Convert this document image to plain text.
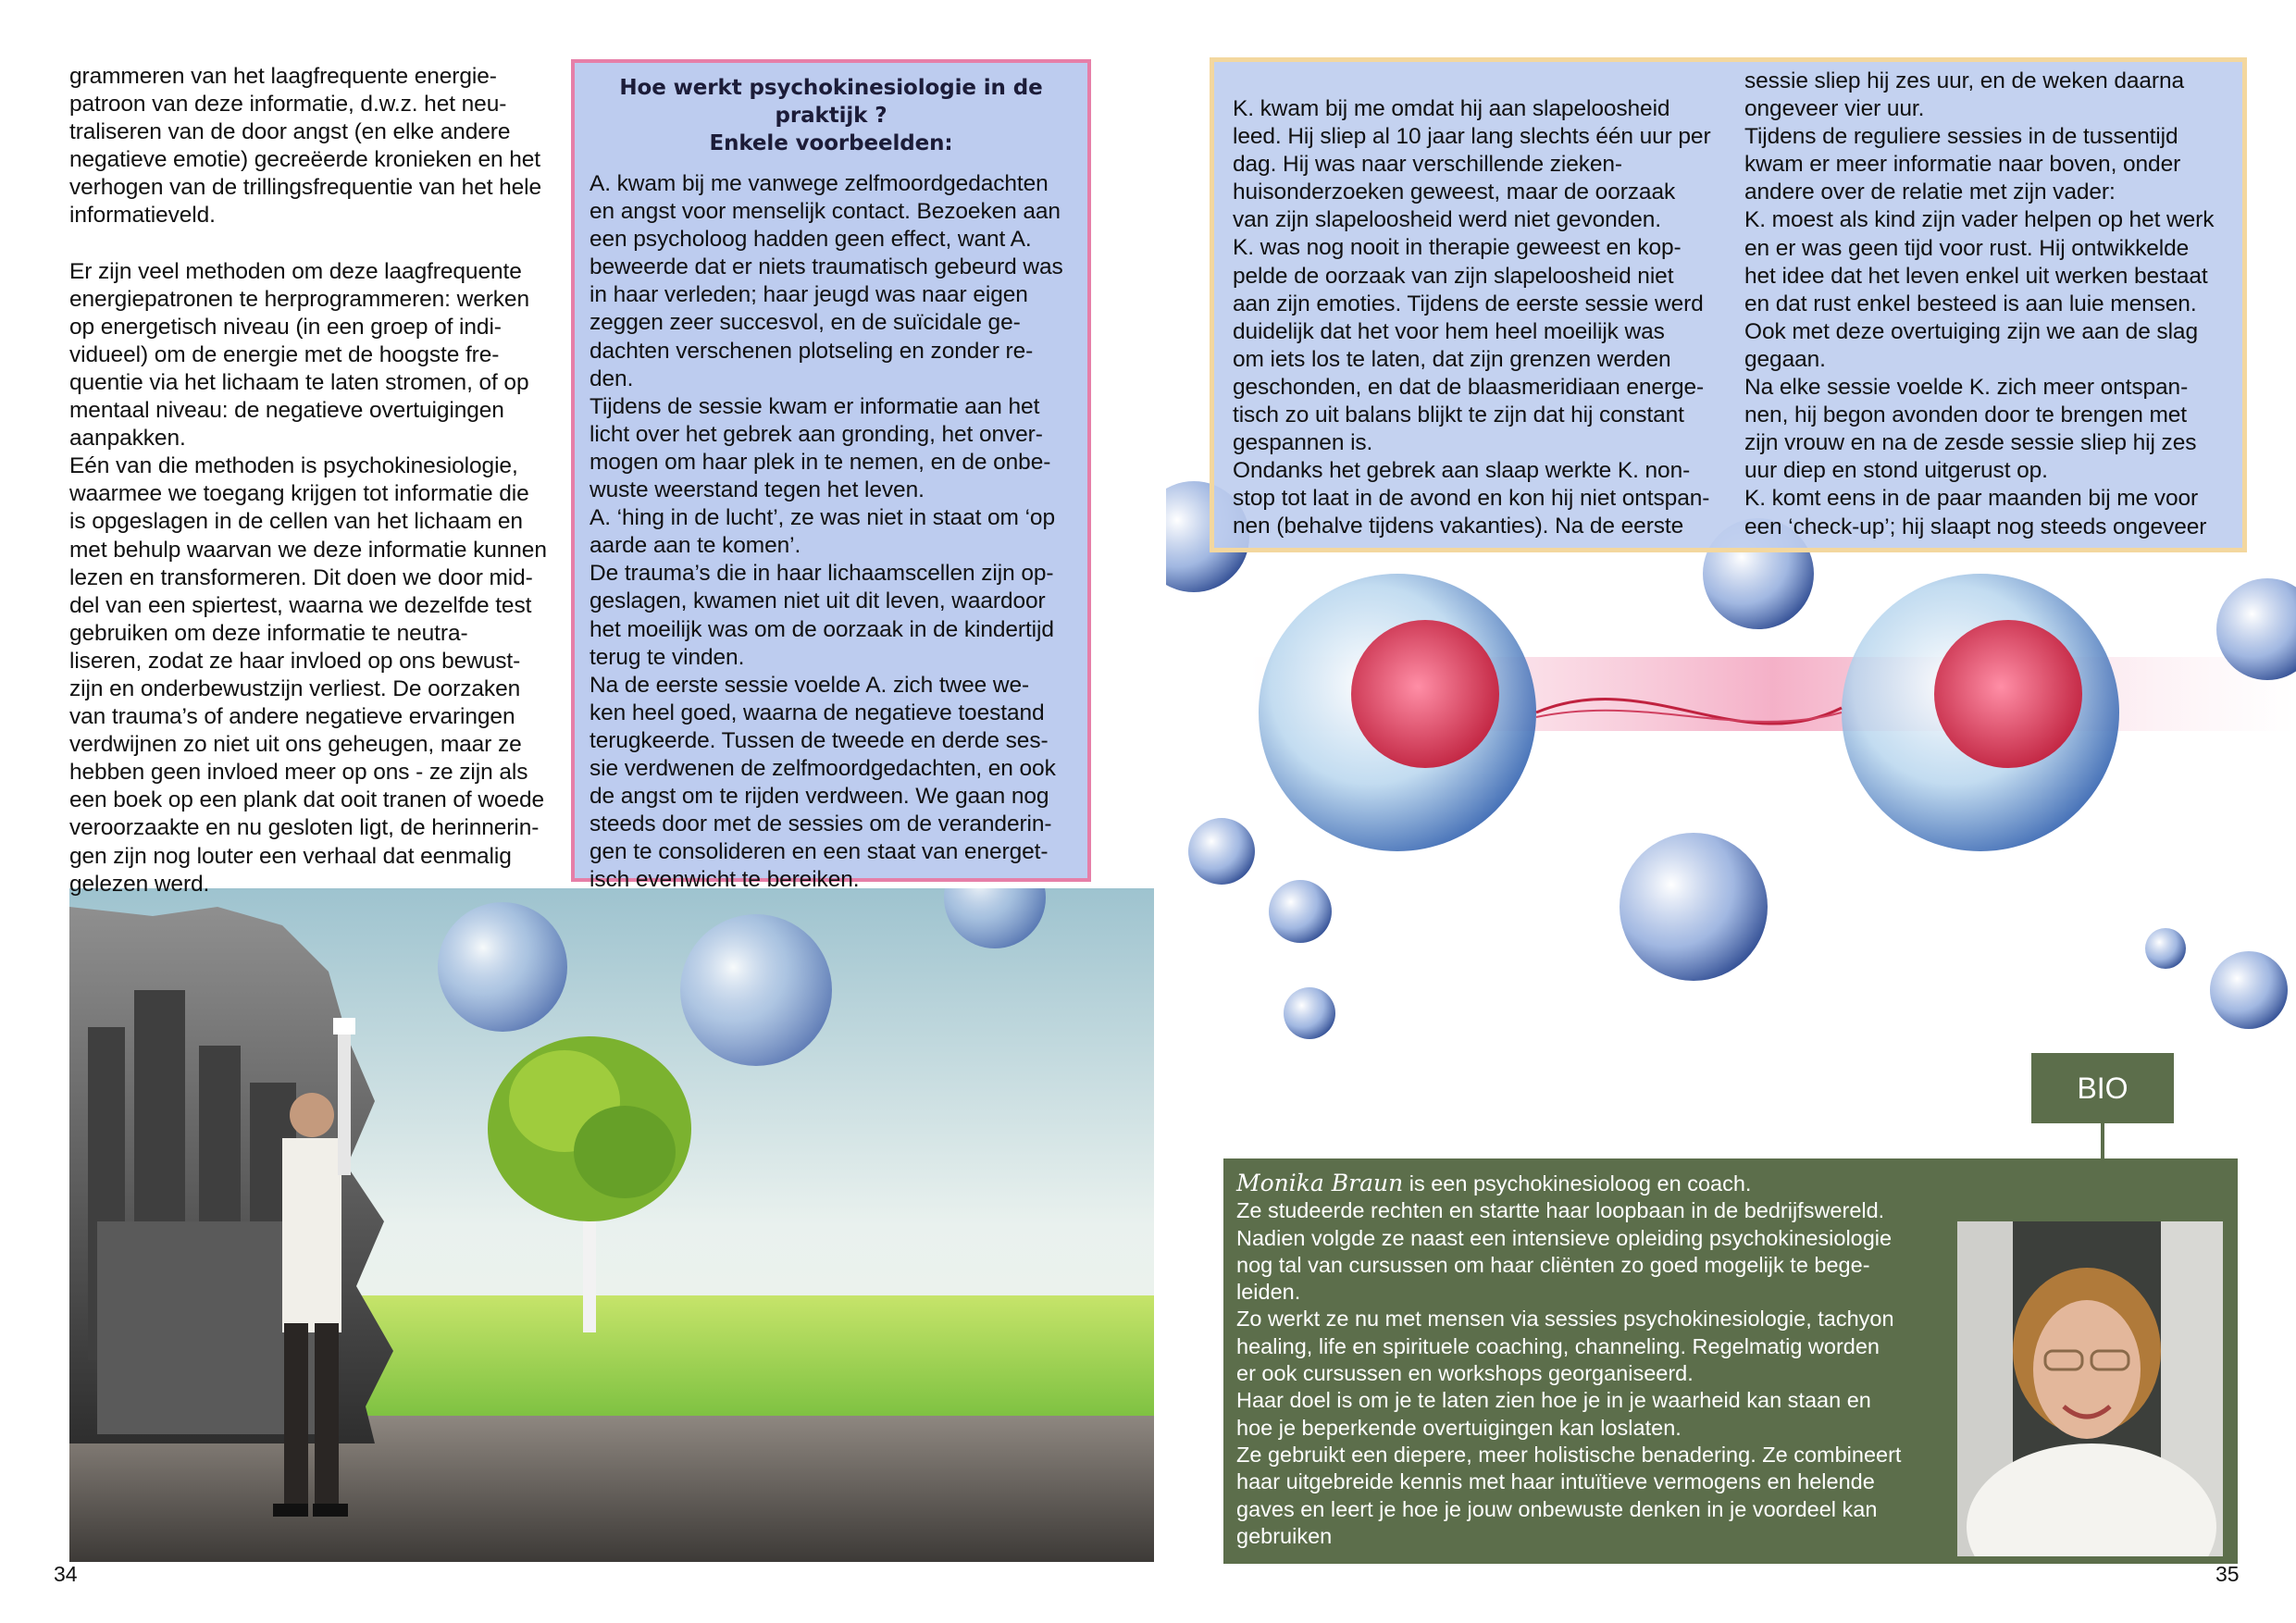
grammeren van het laagfrequente energie-
patroon van deze informatie, d.w.z. het neu-
traliseren van de door angst (en elke andere
negatieve emotie) gecreëerde kronieken en het
verhogen van de trillingsfrequentie van het hele
informatieveld.

Er zijn veel methoden om deze laagfrequente
energiepatronen te herprogrammeren: werken
op energetisch niveau (in een groep of indi-
vidueel) om de energie met de hoogste fre-
quentie via het lichaam te laten stromen, of op
mentaal niveau: de negatieve overtuigingen
aanpakken.
Eén van die methoden is psychokinesiologie,
waarmee we toegang krijgen tot informatie die
is opgeslagen in de cellen van het lichaam en
met behulp waarvan we deze informatie kunnen
lezen en transformeren. Dit doen we door mid-
del van een spiertest, waarna we dezelfde test
gebruiken om deze informatie te neutra-
liseren, zodat ze haar invloed op ons bewust-
zijn en onderbewustzijn verliest. De oorzaken
van trauma’s of andere negatieve ervaringen
verdwijnen zo niet uit ons geheugen, maar ze
hebben geen invloed meer op ons - ze zijn als
een boek op een plank dat ooit tranen of woede
veroorzaakte en nu gesloten ligt, de herinnerin-
gen zijn nog louter een verhaal dat eenmalig
gelezen werd.

Hoe werkt psychokinesiologie in de praktijk ?
Enkele voorbeelden:

A. kwam bij me vanwege zelfmoordgedachten
en angst voor menselijk contact. Bezoeken aan
een psycholoog hadden geen effect, want A.
beweerde dat er niets traumatisch gebeurd was
in haar verleden; haar jeugd was naar eigen
zeggen zeer succesvol, en de suïcidale ge-
dachten verschenen plotseling en zonder re-
den.
Tijdens de sessie kwam er informatie aan het
licht over het gebrek aan gronding, het onver-
mogen om haar plek in te nemen, en de onbe-
wuste weerstand tegen het leven.
A. ‘hing in de lucht’, ze was niet in staat om ‘op
aarde aan te komen’.
De trauma’s die in haar lichaamscellen zijn op-
geslagen, kwamen niet uit dit leven, waardoor
het moeilijk was om de oorzaak in de kindertijd
terug te vinden.
Na de eerste sessie voelde A. zich twee we-
ken heel goed, waarna de negatieve toestand
terugkeerde. Tussen de tweede en derde ses-
sie verdwenen de zelfmoordgedachten, en ook
de angst om te rijden verdween. We gaan nog
steeds door met de sessies om de veranderin-
gen te consolideren en een staat van energet-
isch evenwicht te bereiken.

34

K. kwam bij me omdat hij aan slapeloosheid
leed. Hij sliep al 10 jaar lang slechts één uur per
dag. Hij was naar verschillende zieken-
huisonderzoeken geweest, maar de oorzaak
van zijn slapeloosheid werd niet gevonden.
K. was nog nooit in therapie geweest en kop-
pelde de oorzaak van zijn slapeloosheid niet
aan zijn emoties. Tijdens de eerste sessie werd
duidelijk dat het voor hem heel moeilijk was
om iets los te laten, dat zijn grenzen werden
geschonden, en dat de blaasmeridiaan energe-
tisch zo uit balans blijkt te zijn dat hij constant
gespannen is.
Ondanks het gebrek aan slaap werkte K. non-
stop tot laat in de avond en kon hij niet ontspan-
nen (behalve tijdens vakanties). Na de eerste

sessie sliep hij zes uur, en de weken daarna
ongeveer vier uur.
Tijdens de reguliere sessies in de tussentijd
kwam er meer informatie naar boven, onder
andere over de relatie met zijn vader:
K. moest als kind zijn vader helpen op het werk
en er was geen tijd voor rust. Hij ontwikkelde
het idee dat het leven enkel uit werken bestaat
en dat rust enkel besteed is aan luie mensen.
Ook met deze overtuiging zijn we aan de slag
gegaan.
Na elke sessie voelde K. zich meer ontspan-
nen, hij begon avonden door te brengen met
zijn vrouw en na de zesde sessie sliep hij zes
uur diep en stond uitgerust op.
K. komt eens in de paar maanden bij me voor
een ‘check-up’; hij slaapt nog steeds ongeveer

BIO
Monika Braun is een psychokinesioloog en coach.

Ze studeerde rechten en startte haar loopbaan in de bedrijfswereld.
Nadien volgde ze naast een intensieve opleiding psychokinesiologie
nog tal van cursussen om haar cliënten zo goed mogelijk te bege-
leiden.
Zo werkt ze nu met mensen via sessies psychokinesiologie, tachyon
healing, life en spirituele coaching, channeling. Regelmatig worden
er ook cursussen en workshops georganiseerd.
Haar doel is om je te laten zien hoe je in je waarheid kan staan en
hoe je beperkende overtuigingen kan loslaten.
Ze gebruikt een diepere, meer holistische benadering. Ze combineert
haar uitgebreide kennis met haar intuïtieve vermogens en helende
gaves en leert je hoe je jouw onbewuste denken in je voordeel kan
gebruiken

35
